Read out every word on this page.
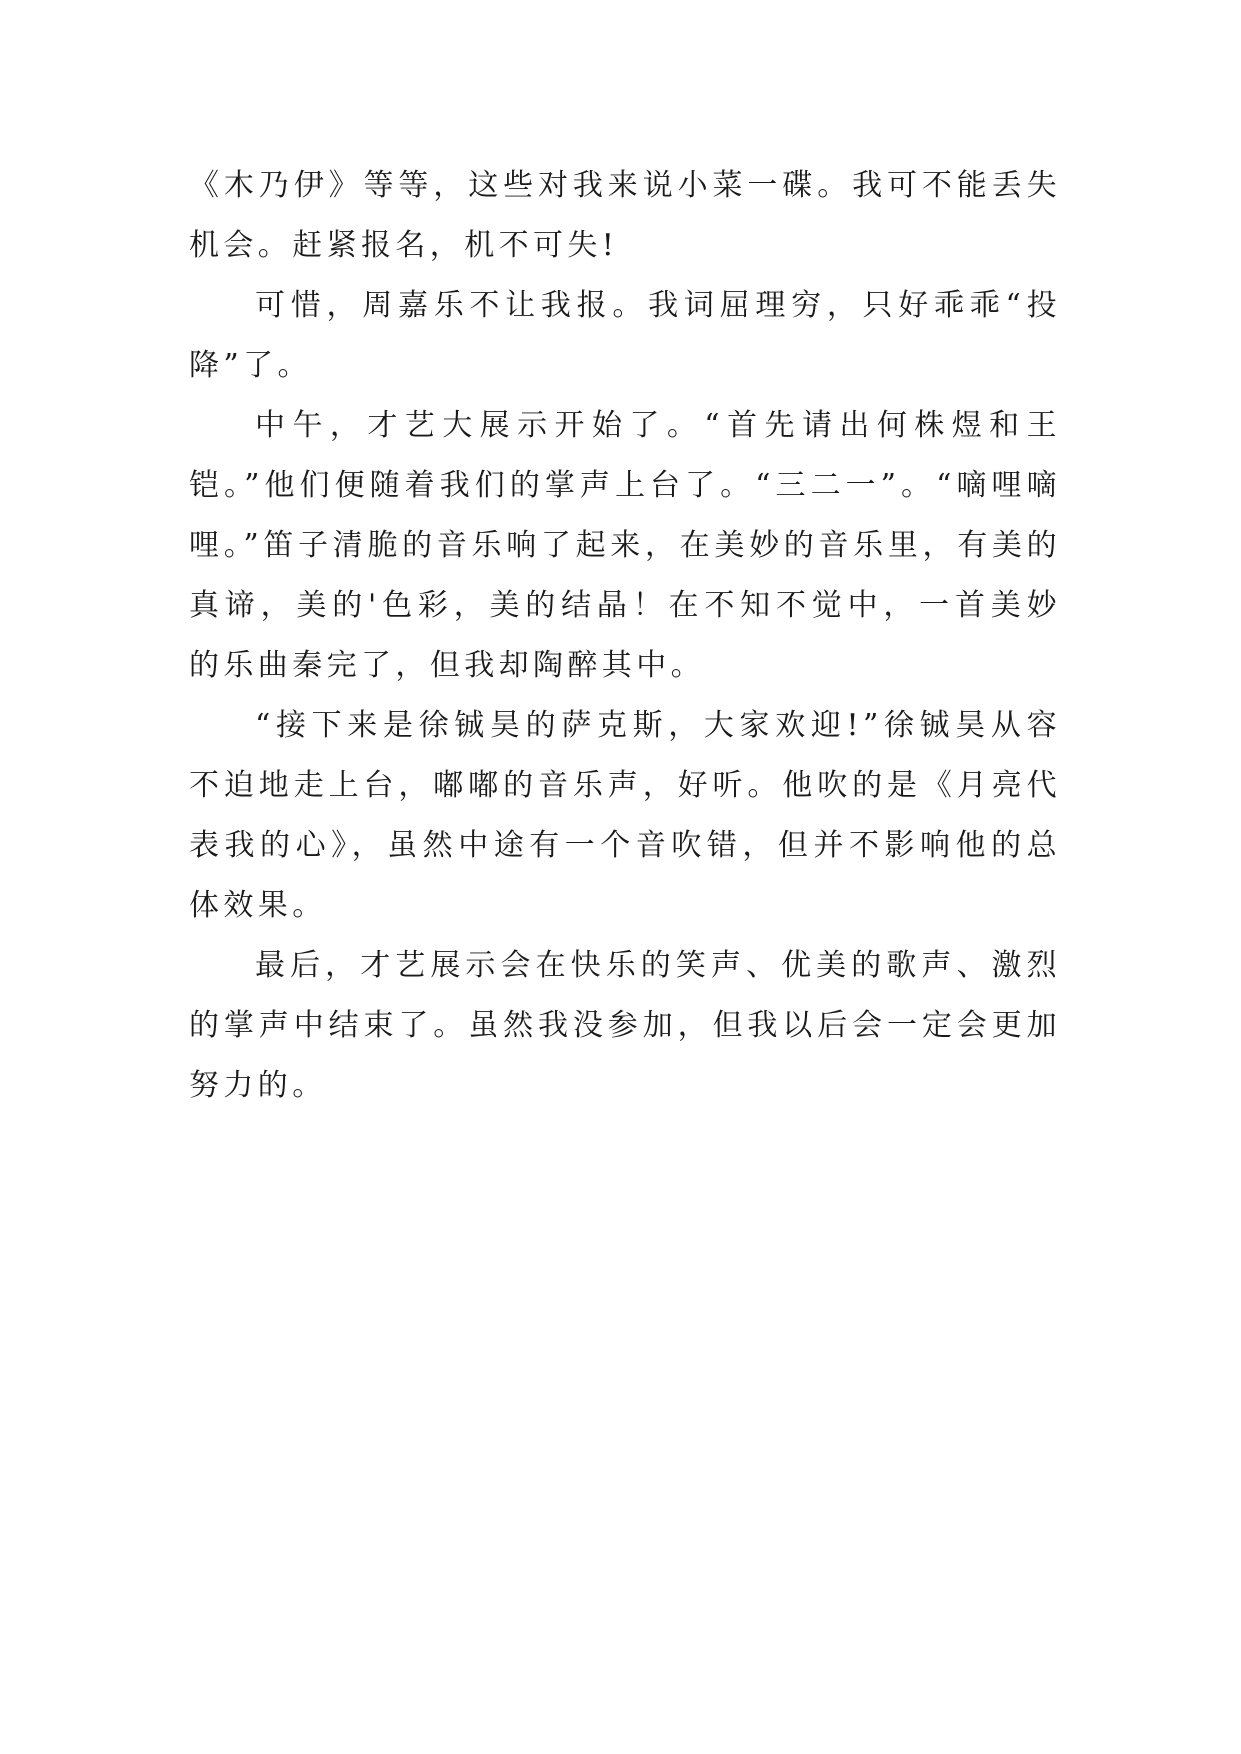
《木乃伊》等等，这些对我来说小菜一碟。我可不能丢失机会。赶紧报名，机不可失!

可惜，周嘉乐不让我报。我词屈理穷，只好乖乖“投降”了。

中午，才艺大展示开始了。“首先请出何株煜和王铠。”他们便随着我们的掌声上台了。“三二一”。“嘀哩嘀哩。”笛子清脆的音乐响了起来，在美妙的音乐里，有美的真谛，美的'色彩，美的结晶！在不知不觉中，一首美妙的乐曲秦完了，但我却陶醉其中。

“接下来是徐铖昊的萨克斯，大家欢迎!”徐铖昊从容不迫地走上台，嘟嘟的音乐声，好听。他吹的是《月亮代表我的心》，虽然中途有一个音吹错，但并不影响他的总体效果。

最后，才艺展示会在快乐的笑声、优美的歌声、激烈的掌声中结束了。虽然我没参加，但我以后会一定会更加努力的。
